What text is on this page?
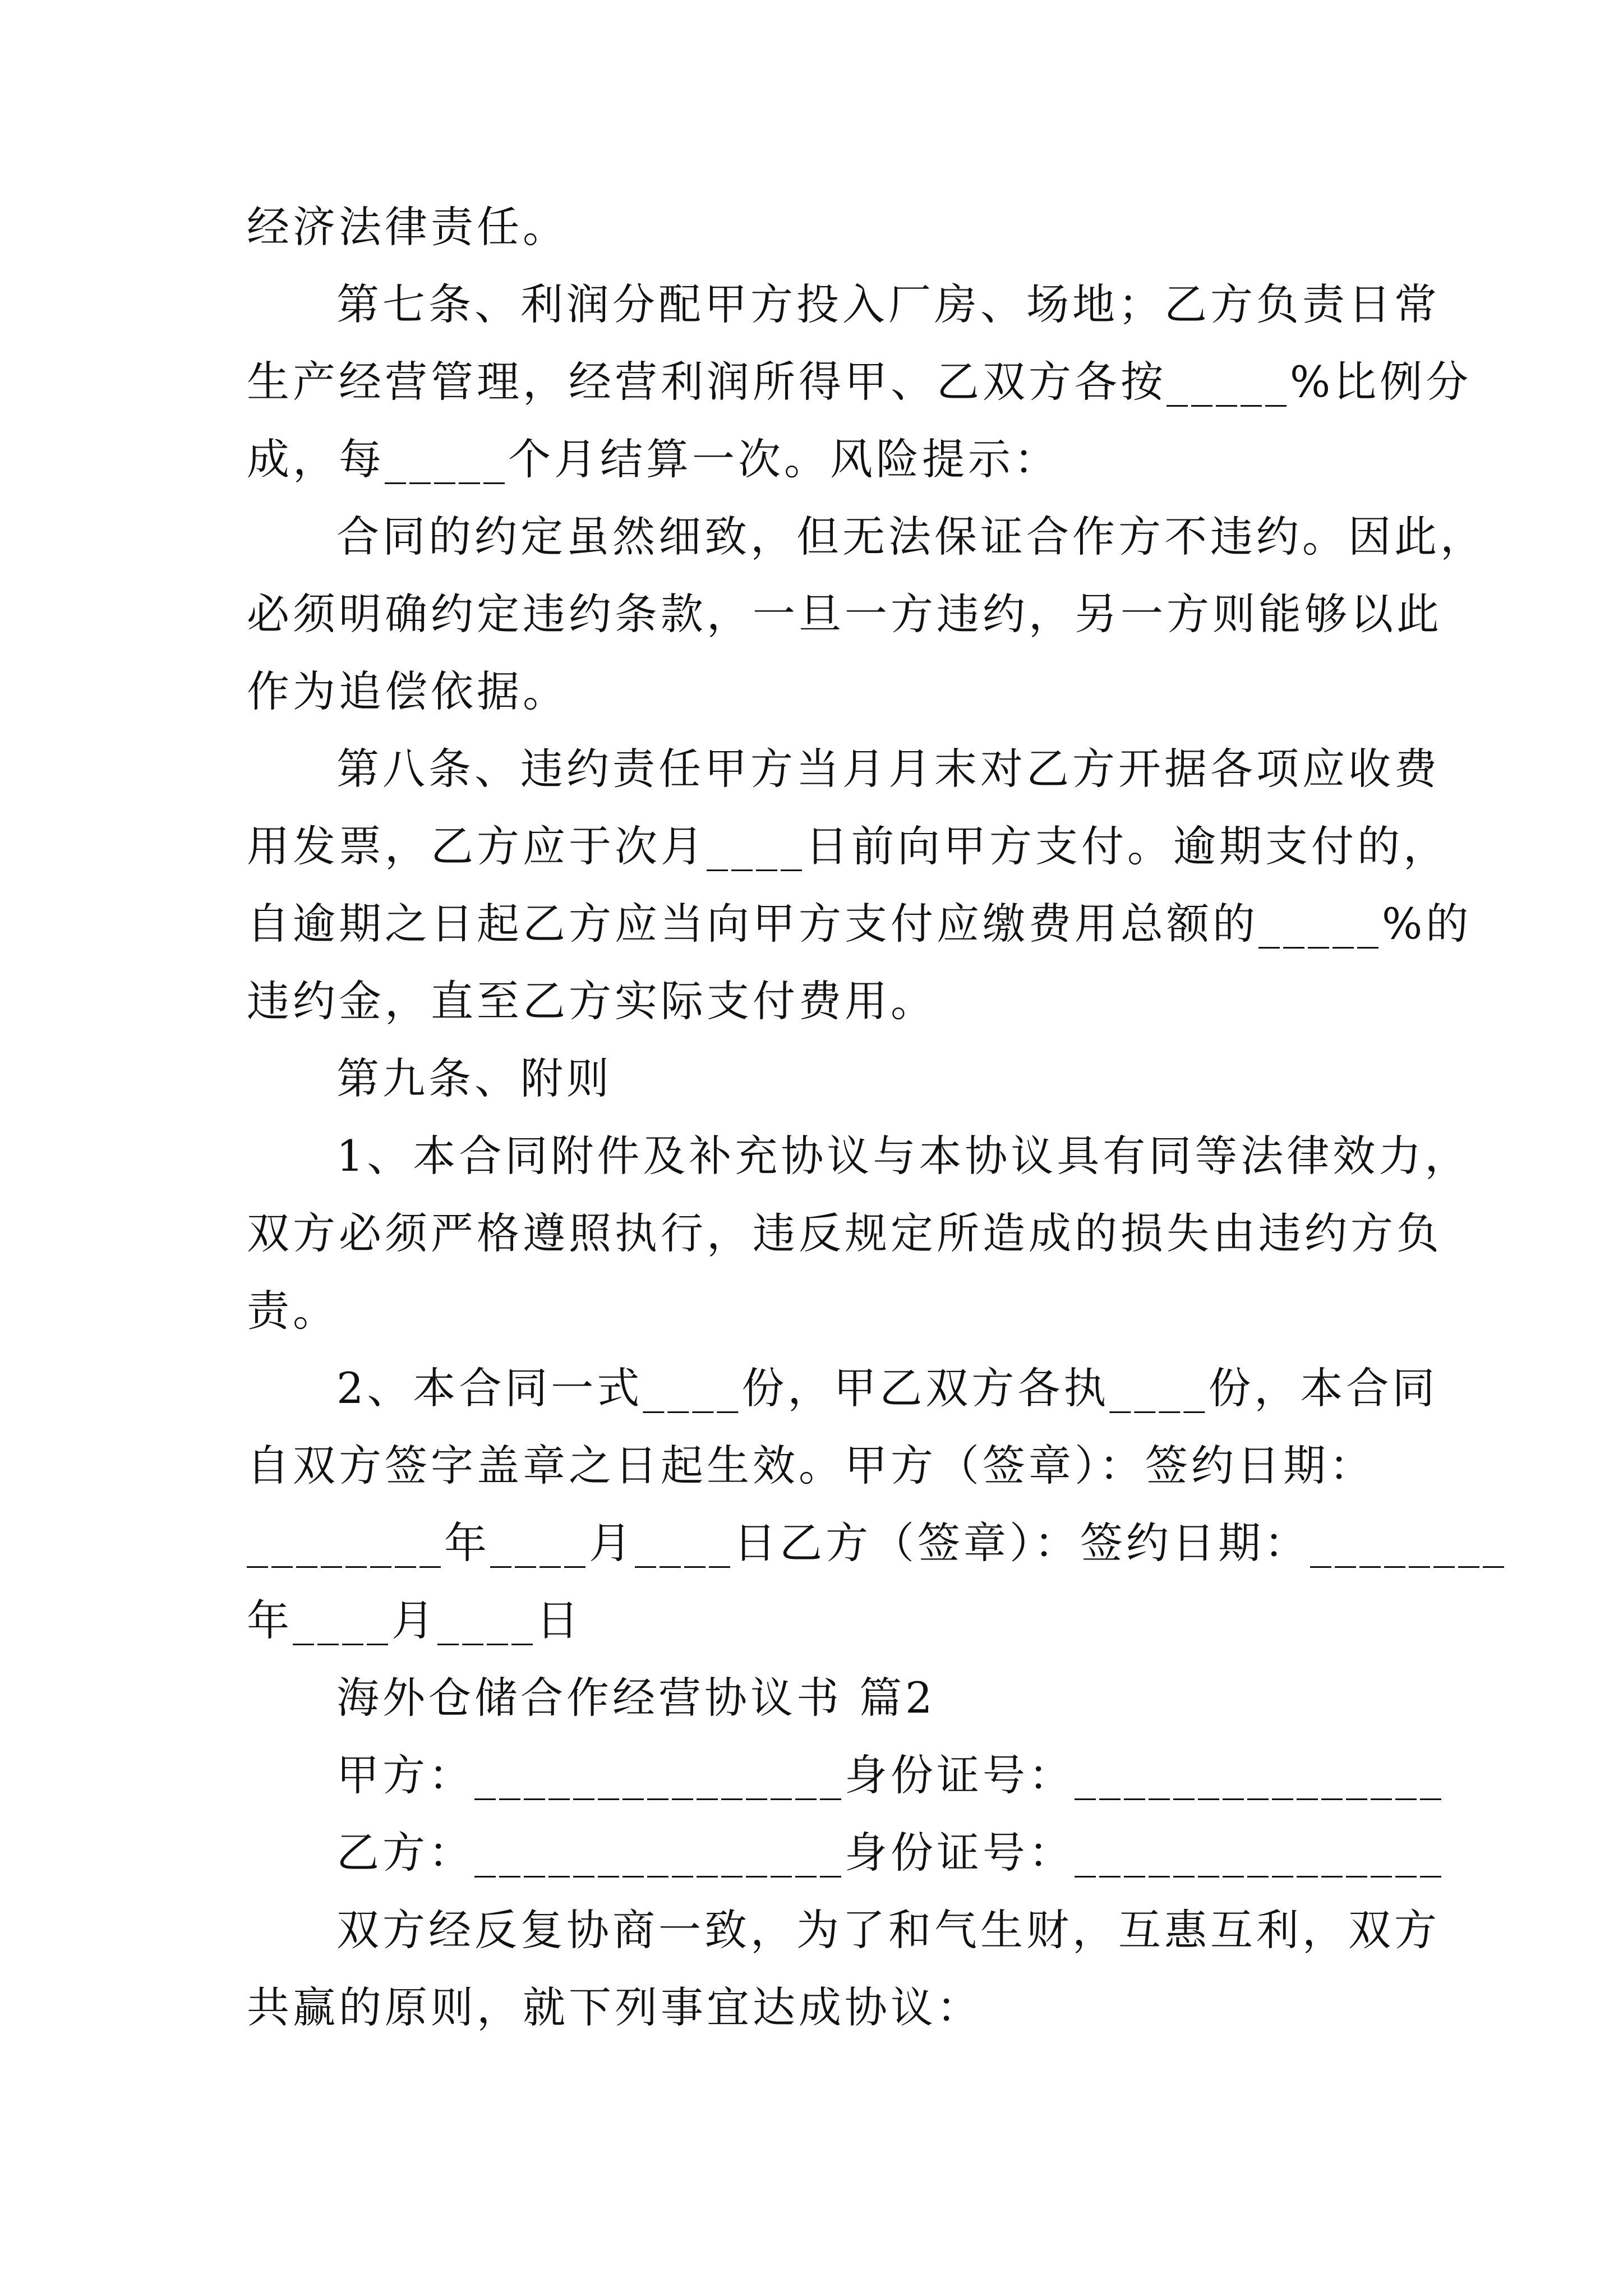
经济法律责任。
第七条、利润分配甲方投入厂房、场地；乙方负责日常
生产经营管理，经营利润所得甲、乙双方各按_____%比例分
成，每_____个月结算一次。风险提示：
合同的约定虽然细致，但无法保证合作方不违约。因此，
必须明确约定违约条款，一旦一方违约，另一方则能够以此
作为追偿依据。
第八条、违约责任甲方当月月末对乙方开据各项应收费
用发票，乙方应于次月____日前向甲方支付。逾期支付的，
自逾期之日起乙方应当向甲方支付应缴费用总额的_____%的
违约金，直至乙方实际支付费用。
第九条、附则
1、本合同附件及补充协议与本协议具有同等法律效力，
双方必须严格遵照执行，违反规定所造成的损失由违约方负
责。
2、本合同一式____份，甲乙双方各执____份，本合同
自双方签字盖章之日起生效。甲方（签章）：签约日期：
________年____月____日乙方（签章）：签约日期：________
年____月____日
海外仓储合作经营协议书 篇2
甲方：_______________身份证号：_______________
乙方：_______________身份证号：_______________
双方经反复协商一致，为了和气生财，互惠互利，双方
共赢的原则，就下列事宜达成协议：
